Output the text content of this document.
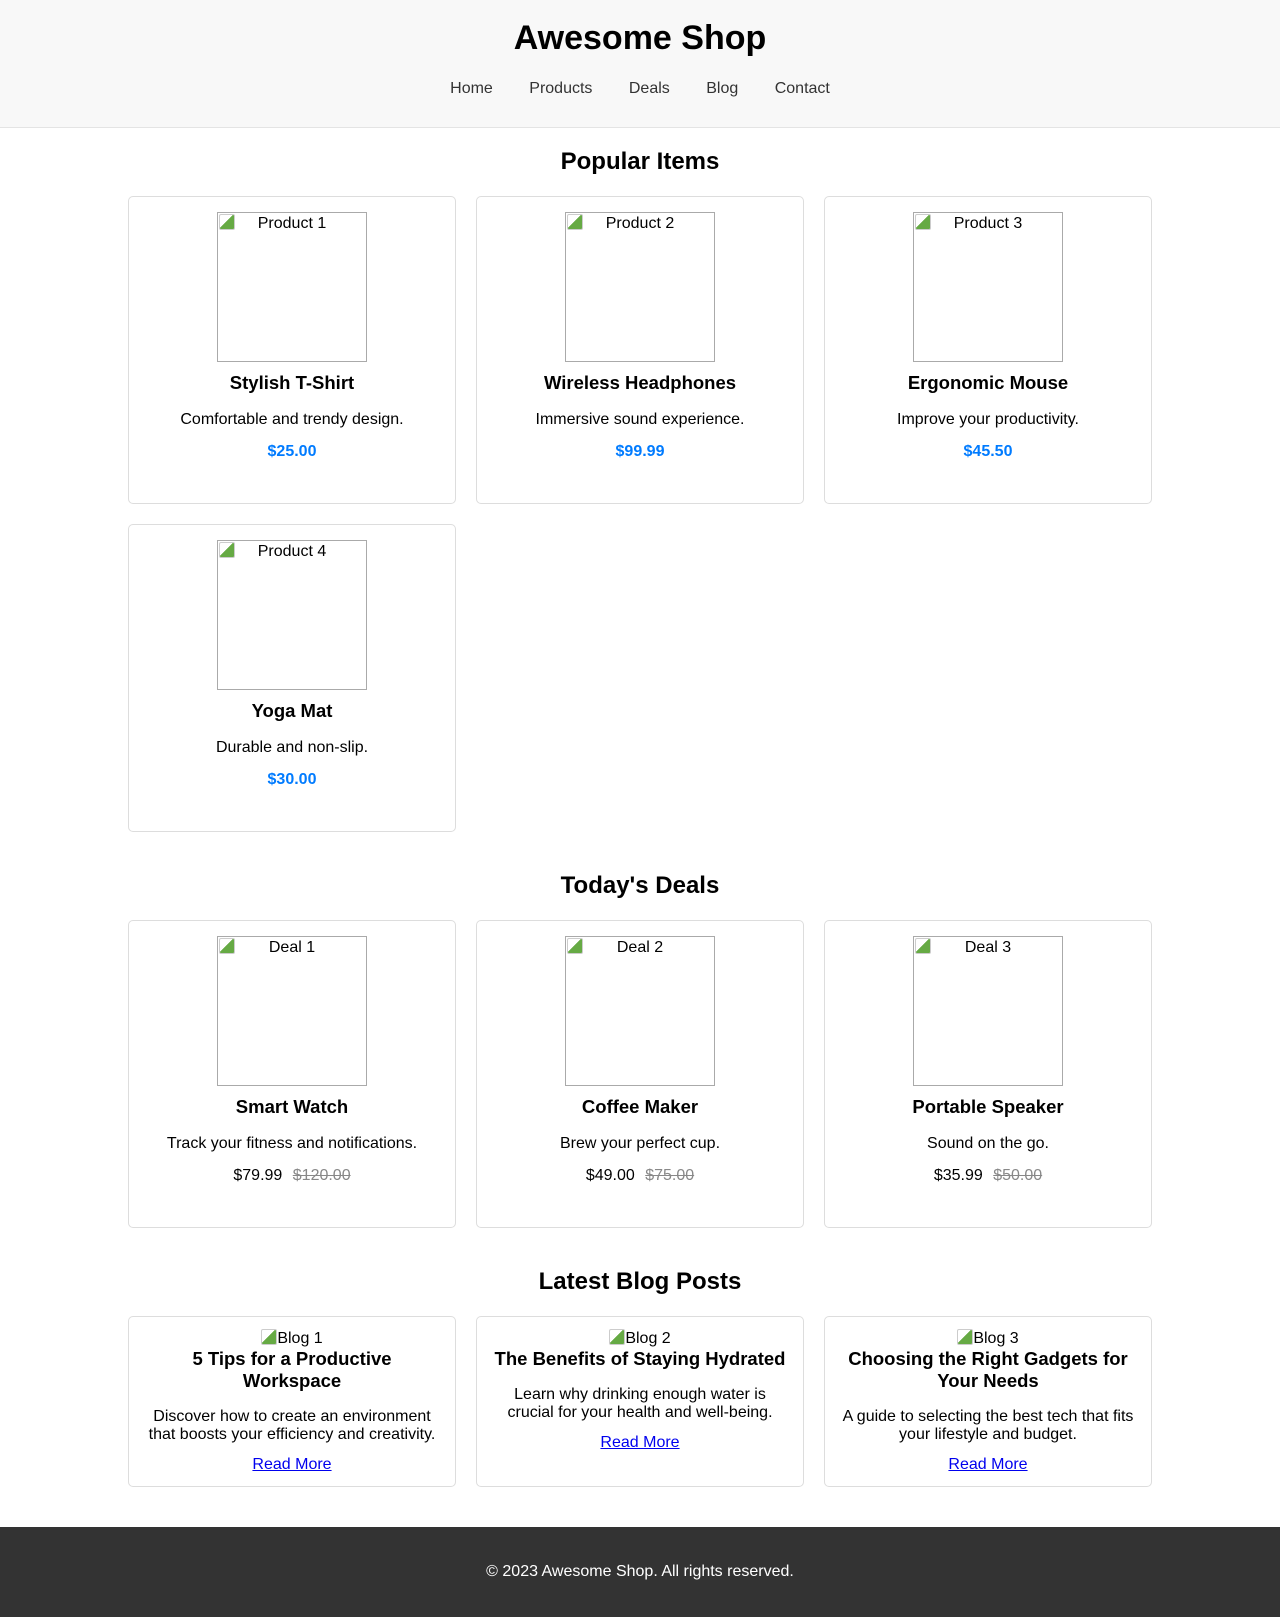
Awesome Shop
Home Products Deals Blog Contact
Popular Items
Product 1
Stylish T-Shirt

Comfortable and trendy design.

$25.00

Product 2
Wireless Headphones

Immersive sound experience.

$99.99

Product 3
Ergonomic Mouse

Improve your productivity.

$45.50

Product 4
Yoga Mat

Durable and non-slip.

$30.00

Today's Deals
Deal 1
Smart Watch

Track your fitness and notifications.

$79.99 $120.00

Deal 2
Coffee Maker

Brew your perfect cup.

$49.00 $75.00

Deal 3
Portable Speaker

Sound on the go.

$35.99 $50.00

Latest Blog Posts
Blog 1
5 Tips for a Productive Workspace

Discover how to create an environment that boosts your efficiency and creativity.

Read More
Blog 2
The Benefits of Staying Hydrated

Learn why drinking enough water is crucial for your health and well-being.

Read More
Blog 3
Choosing the Right Gadgets for Your Needs

A guide to selecting the best tech that fits your lifestyle and budget.

Read More
© 2023 Awesome Shop. All rights reserved.
